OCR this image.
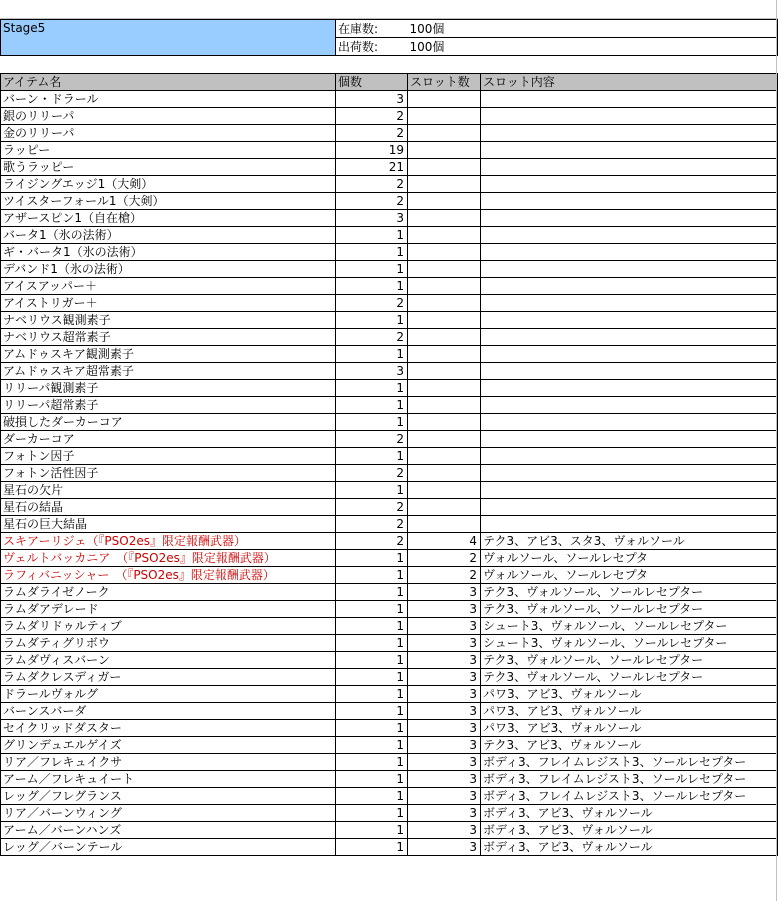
Stage5	在庫数:	100個
	出荷数:	100個
アイテム名	個数	スロット数	スロット内容
バーン・ドラール	3		
銀のリリーパ	2		
金のリリーパ	2		
ラッピー	19		
歌うラッピー	21		
ライジングエッジ1（大剣）	2		
ツイスターフォール1（大剣）	2		
アザースピン1（自在槍）	3		
バータ1（氷の法術）	1		
ギ・バータ1（氷の法術）	1		
デバンド1（氷の法術）	1		
アイスアッパー＋	1		
アイストリガー＋	2		
ナベリウス観測素子	1		
ナベリウス超常素子	2		
アムドゥスキア観測素子	1		
アムドゥスキア超常素子	3		
リリーパ観測素子	1		
リリーパ超常素子	1		
破損したダーカーコア	1		
ダーカーコア	2		
フォトン因子	1		
フォトン活性因子	2		
星石の欠片	1		
星石の結晶	2		
星石の巨大結晶	2		
スキアーリジェ（『PSO2es』限定報酬武器）	2	4	テク3、アビ3、スタ3、ヴォルソール
ヴェルトバッカニア　（『PSO2es』限定報酬武器）	1	2	ヴォルソール、ソールレセプタ
ラフィバニッシャー　（『PSO2es』限定報酬武器）	1	2	ヴォルソール、ソールレセプタ
ラムダライゼノーク	1	3	テク3、ヴォルソール、ソールレセプター
ラムダアデレード	1	3	テク3、ヴォルソール、ソールレセプター
ラムダリドゥルティブ	1	3	シュート3、ヴォルソール、ソールレセプター
ラムダティグリボウ	1	3	シュート3、ヴォルソール、ソールレセプター
ラムダヴィスバーン	1	3	テク3、ヴォルソール、ソールレセプター
ラムダクレスディガー	1	3	テク3、ヴォルソール、ソールレセプター
ドラールヴォルグ	1	3	パワ3、アビ3、ヴォルソール
バーンスバーダ	1	3	パワ3、アビ3、ヴォルソール
セイクリッドダスター	1	3	パワ3、アビ3、ヴォルソール
グリンデュエルゲイズ	1	3	テク3、アビ3、ヴォルソール
リア／フレキュイクサ	1	3	ボディ3、フレイムレジスト3、ソールレセプター
アーム／フレキュイート	1	3	ボディ3、フレイムレジスト3、ソールレセプター
レッグ／フレグランス	1	3	ボディ3、フレイムレジスト3、ソールレセプター
リア／バーンウィング	1	3	ボディ3、アビ3、ヴォルソール
アーム／バーンハンズ	1	3	ボディ3、アビ3、ヴォルソール
レッグ／バーンテール	1	3	ボディ3、アビ3、ヴォルソール
